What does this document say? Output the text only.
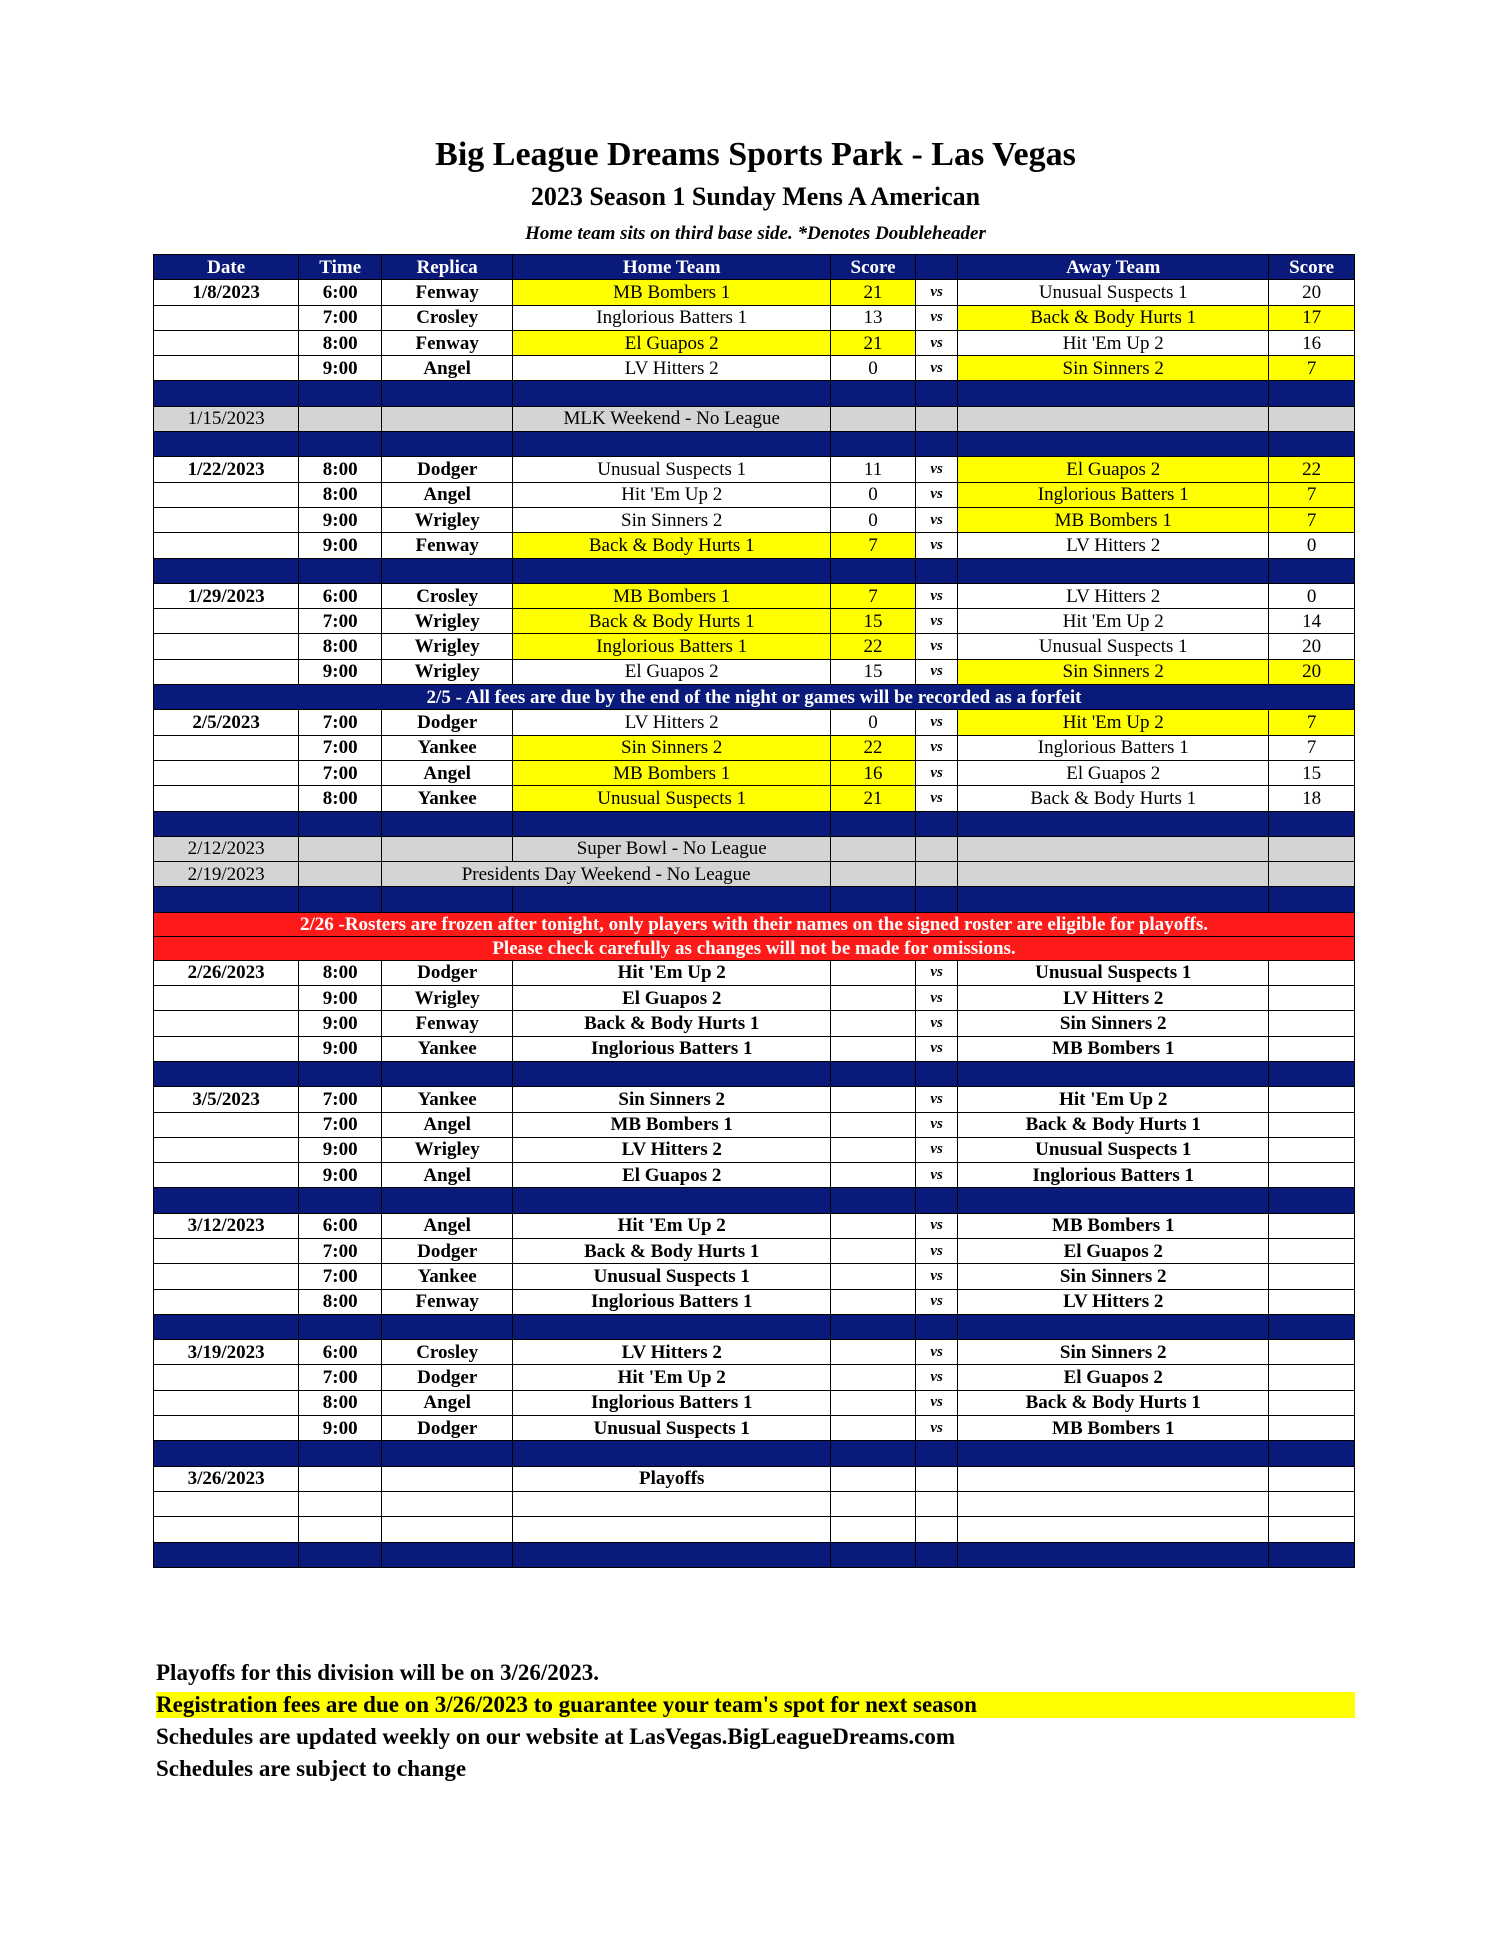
Big League Dreams Sports Park - Las Vegas
2023 Season 1 Sunday Mens A American
Home team sits on third base side. *Denotes Doubleheader
Date	Time	Replica	Home Team	Score		Away Team	Score
1/8/2023	6:00	Fenway	MB Bombers 1	21	vs	Unusual Suspects 1	20
	7:00	Crosley	Inglorious Batters 1	13	vs	Back & Body Hurts 1	17
	8:00	Fenway	El Guapos 2	21	vs	Hit 'Em Up 2	16
	9:00	Angel	LV Hitters 2	0	vs	Sin Sinners 2	7

1/15/2023			MLK Weekend - No League				

1/22/2023	8:00	Dodger	Unusual Suspects 1	11	vs	El Guapos 2	22
	8:00	Angel	Hit 'Em Up 2	0	vs	Inglorious Batters 1	7
	9:00	Wrigley	Sin Sinners 2	0	vs	MB Bombers 1	7
	9:00	Fenway	Back & Body Hurts 1	7	vs	LV Hitters 2	0

1/29/2023	6:00	Crosley	MB Bombers 1	7	vs	LV Hitters 2	0
	7:00	Wrigley	Back & Body Hurts 1	15	vs	Hit 'Em Up 2	14
	8:00	Wrigley	Inglorious Batters 1	22	vs	Unusual Suspects 1	20
	9:00	Wrigley	El Guapos 2	15	vs	Sin Sinners 2	20
2/5 - All fees are due by the end of the night or games will be recorded as a forfeit							
2/5/2023	7:00	Dodger	LV Hitters 2	0	vs	Hit 'Em Up 2	7
	7:00	Yankee	Sin Sinners 2	22	vs	Inglorious Batters 1	7
	7:00	Angel	MB Bombers 1	16	vs	El Guapos 2	15
	8:00	Yankee	Unusual Suspects 1	21	vs	Back & Body Hurts 1	18

2/12/2023			Super Bowl - No League				
2/19/2023		Presidents Day Weekend - No League					

2/26 -Rosters are frozen after tonight, only players with their names on the signed roster are eligible for playoffs.							
Please check carefully as changes will not be made for omissions.							
2/26/2023	8:00	Dodger	Hit 'Em Up 2		vs	Unusual Suspects 1	
	9:00	Wrigley	El Guapos 2		vs	LV Hitters 2	
	9:00	Fenway	Back & Body Hurts 1		vs	Sin Sinners 2	
	9:00	Yankee	Inglorious Batters 1		vs	MB Bombers 1	

3/5/2023	7:00	Yankee	Sin Sinners 2		vs	Hit 'Em Up 2	
	7:00	Angel	MB Bombers 1		vs	Back & Body Hurts 1	
	9:00	Wrigley	LV Hitters 2		vs	Unusual Suspects 1	
	9:00	Angel	El Guapos 2		vs	Inglorious Batters 1	

3/12/2023	6:00	Angel	Hit 'Em Up 2		vs	MB Bombers 1	
	7:00	Dodger	Back & Body Hurts 1		vs	El Guapos 2	
	7:00	Yankee	Unusual Suspects 1		vs	Sin Sinners 2	
	8:00	Fenway	Inglorious Batters 1		vs	LV Hitters 2	

3/19/2023	6:00	Crosley	LV Hitters 2		vs	Sin Sinners 2	
	7:00	Dodger	Hit 'Em Up 2		vs	El Guapos 2	
	8:00	Angel	Inglorious Batters 1		vs	Back & Body Hurts 1	
	9:00	Dodger	Unusual Suspects 1		vs	MB Bombers 1	

3/26/2023			Playoffs				

Playoffs for this division will be on 3/26/2023.
Registration fees are due on 3/26/2023 to guarantee your team's spot for next season
Schedules are updated weekly on our website at LasVegas.BigLeagueDreams.com
Schedules are subject to change
